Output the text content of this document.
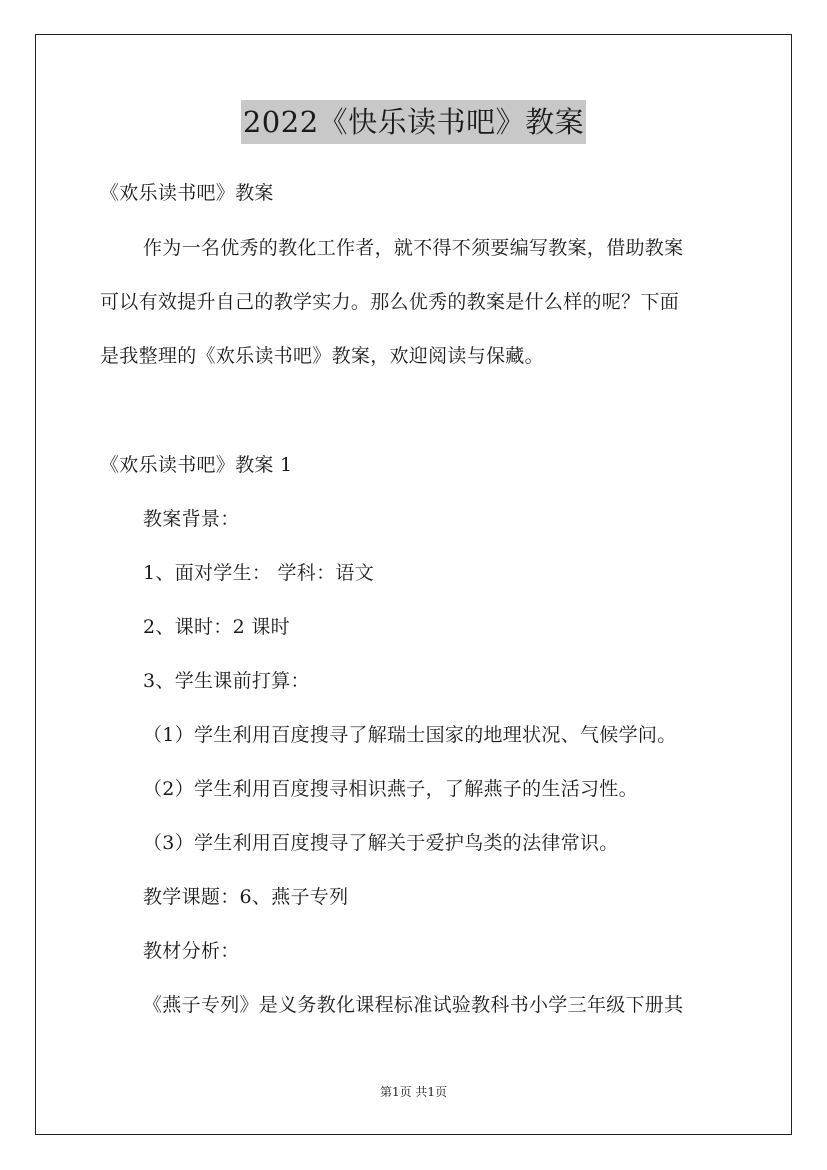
2022《快乐读书吧》教案
《欢乐读书吧》教案
作为一名优秀的教化工作者，就不得不须要编写教案，借助教案
可以有效提升自己的教学实力。那么优秀的教案是什么样的呢？下面
是我整理的《欢乐读书吧》教案，欢迎阅读与保藏。
《欢乐读书吧》教案 1
教案背景：
1、面对学生： 学科：语文
2、课时：2 课时
3、学生课前打算：
（1）学生利用百度搜寻了解瑞士国家的地理状况、气候学问。
（2）学生利用百度搜寻相识燕子，了解燕子的生活习性。
（3）学生利用百度搜寻了解关于爱护鸟类的法律常识。
教学课题：6、燕子专列
教材分析：
《燕子专列》是义务教化课程标准试验教科书小学三年级下册其
第1页 共1页
